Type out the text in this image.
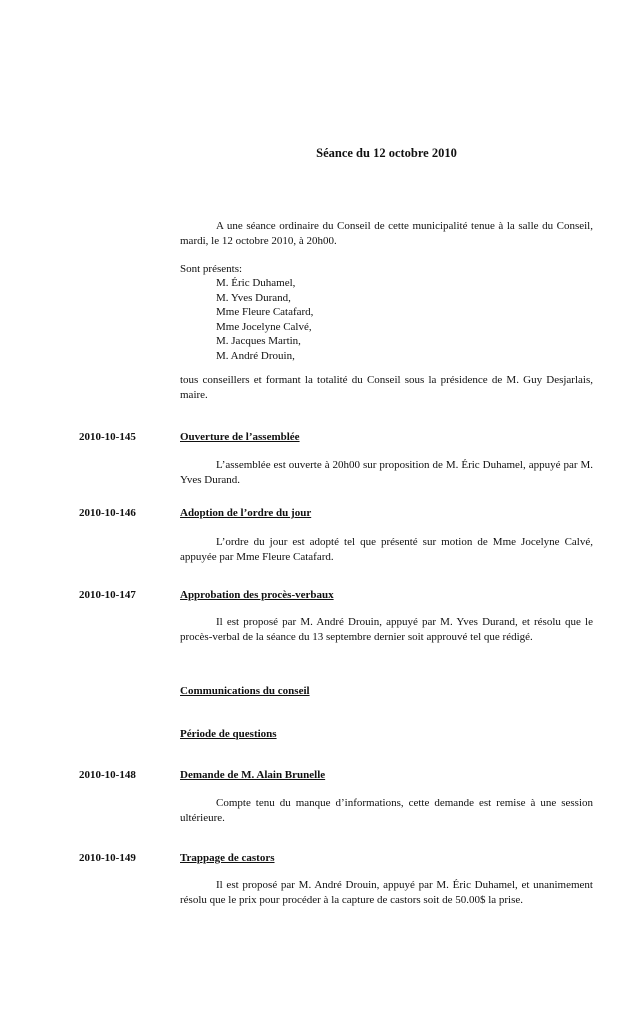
Séance du 12 octobre 2010

A une séance ordinaire du Conseil de cette municipalité tenue à la salle du Conseil, mardi, le 12 octobre 2010, à 20h00.

Sont présents:

M. Éric Duhamel,
M. Yves Durand,
Mme Fleure Catafard,
Mme Jocelyne Calvé,
M. Jacques Martin,
M. André Drouin,

tous conseillers et formant la totalité du Conseil sous la présidence de M. Guy Desjarlais, maire.

2010-10-145	Ouverture de l’assemblée

L’assemblée est ouverte à 20h00 sur proposition de M. Éric Duhamel, appuyé par M. Yves Durand.

2010-10-146	Adoption de l’ordre du jour

L’ordre du jour est adopté tel que présenté sur motion de Mme Jocelyne Calvé, appuyée par Mme Fleure Catafard.

2010-10-147	Approbation des procès-verbaux

Il est proposé par M. André Drouin, appuyé par M. Yves Durand, et résolu que le procès-verbal de la séance du 13 septembre dernier soit approuvé tel que rédigé.

Communications du conseil

Période de questions

2010-10-148	Demande de M. Alain Brunelle

Compte tenu du manque d’informations, cette demande est remise à une session ultérieure.

2010-10-149	Trappage de castors

Il est proposé par M. André Drouin, appuyé par M. Éric Duhamel, et unanimement résolu que le prix pour procéder à la capture de castors soit de 50.00$ la prise.
